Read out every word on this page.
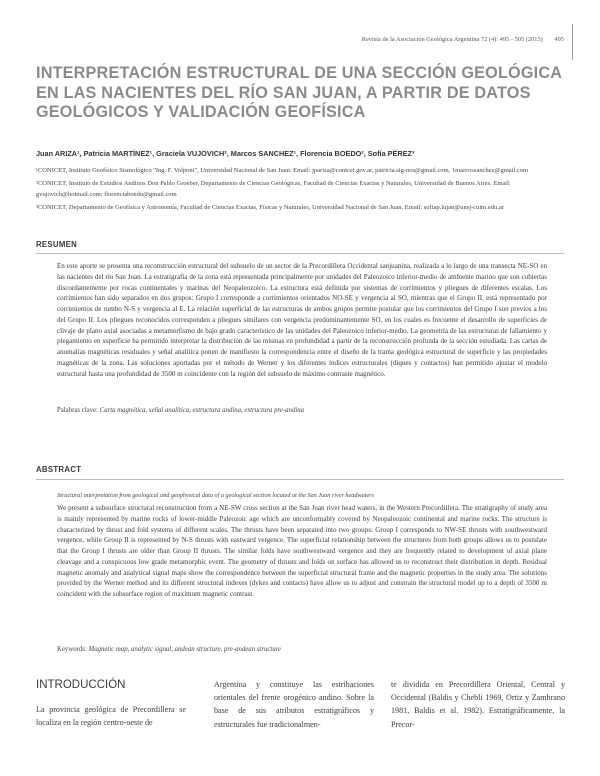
Revista de la Asociación Geológica Argentina 72 (4): 495 - 505 (2015) 495
INTERPRETACIÓN ESTRUCTURAL DE UNA SECCIÓN GEOLÓGICA EN LAS NACIENTES DEL RÍO SAN JUAN, A PARTIR DE DATOS GEOLÓGICOS Y VALIDACIÓN GEOFÍSICA
Juan ARIZA¹, Patricia MARTÍNEZ¹, Graciela VUJOVICH², Marcos SANCHEZ¹, Florencia BOEDO², Sofía PÉREZ³

¹CONICET, Instituto Geofísico Sismológico "Ing. F. Volponi", Universidad Nacional de San Juan. Email: jpariza@conicet.gov.ar, patricia.sig-nos@gmail.com, 1marcossanchez@gmail.com

²CONICET, Instituto de Estudios Andinos Don Pablo Groeber, Departamento de Ciencias Geológicas, Facultad de Ciencias Exactas y Naturales, Universidad de Buenos Aires. Email: gvujovich@hotmail.com; florenciaboedo@gmail.com

³CONICET, Departamento de Geofísica y Astronomía, Facultad de Ciencias Exactas, Físicas y Naturales, Universidad Nacional de San Juan. Email: sofiap.lujan@unsj-cuim.edu.ar

RESUMEN

En este aporte se presenta una reconstrucción estructural del subsuelo de un sector de la Precordillera Occidental sanjuanina, realizada a lo largo de una transecta NE-SO en las nacientes del río San Juan. La estratigrafía de la zona está representada principalmente por unidades del Paleozoico inferior-medio de ambiente marino que son cubiertas discordantemente por rocas continentales y marinas del Neopaleozoico. La estructura está definida por sistemas de corrimientos y pliegues de diferentes escalas. Los corrimientos han sido separados en dos grupos: Grupo I corresponde a corrimientos orientados NO-SE y vergencia al SO, mientras que el Grupo II, está representado por corrimientos de rumbo N-S y vergencia al E. La relación superficial de las estructuras de ambos grupos permite postular que los corrimientos del Grupo I son previos a los del Grupo II. Los pliegues reconocidos corresponden a pliegues similares con vergencia predominantemente SO, en los cuales es frecuente el desarrollo de superficies de clivaje de plano axial asociadas a metamorfismo de bajo grado característico de las unidades del Paleozoico inferior-medio. La geometría de las estructuras de fallamiento y plegamiento en superficie ha permitido interpretar la distribución de las mismas en profundidad a partir de la reconstrucción profunda de la sección estudiada. Las cartas de anomalías magnéticas residuales y señal analítica ponen de manifiesto la correspondencia entre el diseño de la trama geológica estructural de superficie y las propiedades magnéticas de la zona. Las soluciones aportadas por el método de Werner y los diferentes índices estructurales (diques y contactos) han permitido ajustar el modelo estructural hasta una profundidad de 3500 m coincidente con la región del subsuelo de máximo contraste magnético.

Palabras clave: Carta magnética, señal analítica, estructura andina, estructura pre-andina
ABSTRACT
Structural interpretation from geological and geophysical data of a geological section located at the San Juan river headwaters

We present a subsurface structural reconstruction from a NE-SW cross section at the San Juan river head waters, in the Western Precordillera. The stratigraphy of study area is mainly represented by marine rocks of lower-middle Paleozoic age which are unconformably covered by Neopaleozoic continental and marine rocks. The structure is characterized by thrust and fold systems of different scales. The thrusts have been separated into two groups: Group I corresponds to NW-SE thrusts with southwestward vergence, while Group II is represented by N-S thrusts with eastward vergence. The superficial relationship between the structures from both groups allows us to postulate that the Group I thrusts are older than Group II thrusts. The similar folds have southwestward vergence and they are frequently related to development of axial plane cleavage and a conspicuous low grade metamorphic event. The geometry of thrusts and folds on surface has allowed us to reconstruct their distribution in depth. Residual magnetic anomaly and analytical signal maps show the correspondence between the superficial structural frame and the magnetic properties in the study area. The solutions provided by the Werner method and its different structural indexes (dykes and contacts) have allow us to adjust and constrain the structural model up to a depth of 3500 m coincident with the subsurface region of maximum magnetic contrast.

Keywords: Magnetic map, analytic signal, andean structure, pre-andean structure
INTRODUCCIÓN

La provincia geológica de Precordillera se localiza en la región centro-oeste de

Argentina y constituye las estribaciones orientales del frente orogénico andino. Sobre la base de sus atributos estratigráficos y estructurales fue tradicionalmen-

te dividida en Precordillera Oriental, Central y Occidental (Baldis y Chebli 1969, Ortiz y Zambrano 1981, Baldis et al. 1982). Estratigráficamente, la Precor-
